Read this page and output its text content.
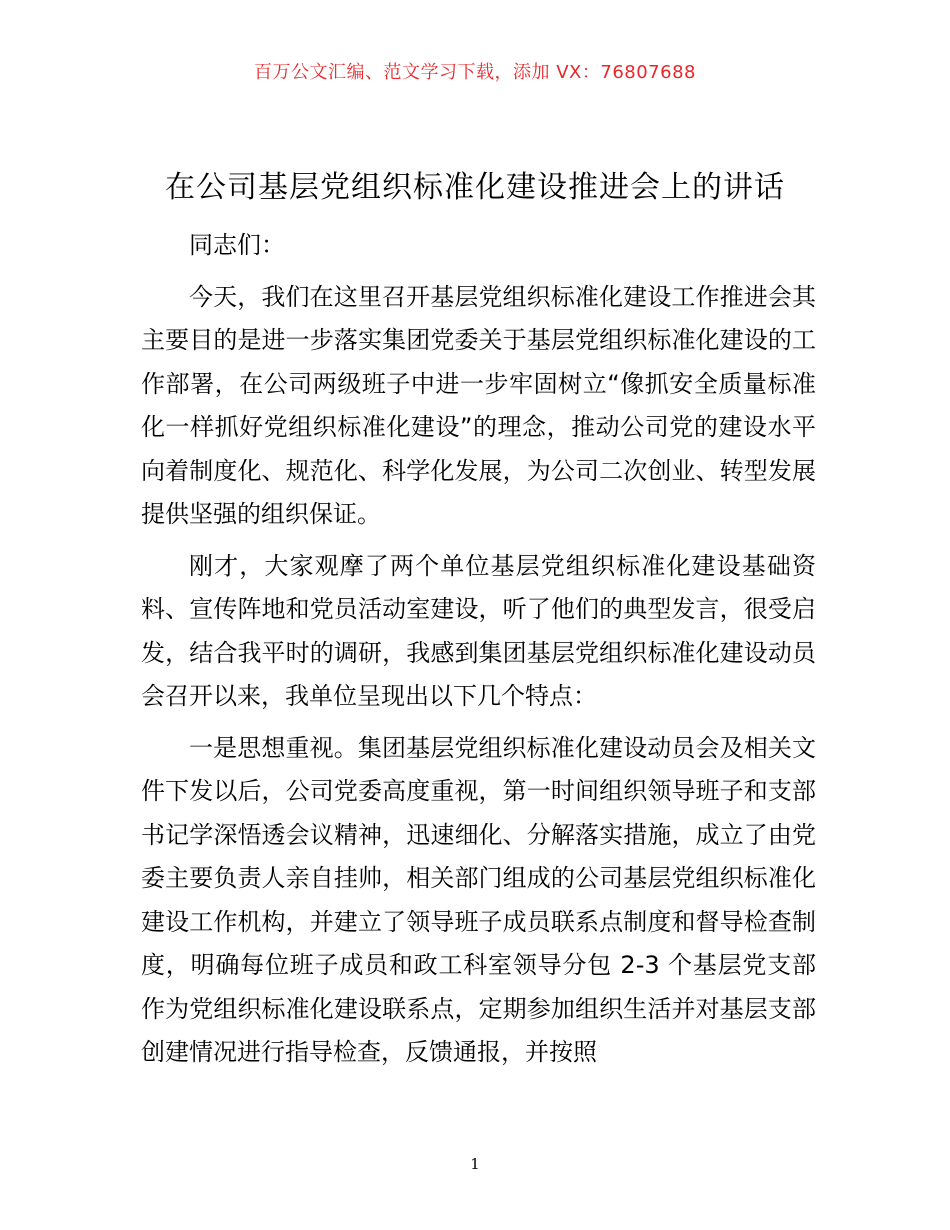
百万公文汇编、范文学习下载，添加 VX：76807688
在公司基层党组织标准化建设推进会上的讲话

同志们：

今天，我们在这里召开基层党组织标准化建设工作推进会其主要目的是进一步落实集团党委关于基层党组织标准化建设的工作部署，在公司两级班子中进一步牢固树立“像抓安全质量标准化一样抓好党组织标准化建设”的理念，推动公司党的建设水平向着制度化、规范化、科学化发展，为公司二次创业、转型发展提供坚强的组织保证。

刚才，大家观摩了两个单位基层党组织标准化建设基础资料、宣传阵地和党员活动室建设，听了他们的典型发言，很受启发，结合我平时的调研，我感到集团基层党组织标准化建设动员会召开以来，我单位呈现出以下几个特点：

一是思想重视。集团基层党组织标准化建设动员会及相关文件下发以后，公司党委高度重视，第一时间组织领导班子和支部书记学深悟透会议精神，迅速细化、分解落实措施，成立了由党委主要负责人亲自挂帅，相关部门组成的公司基层党组织标准化建设工作机构，并建立了领导班子成员联系点制度和督导检查制度，明确每位班子成员和政工科室领导分包 2-3 个基层党支部作为党组织标准化建设联系点，定期参加组织生活并对基层支部创建情况进行指导检查，反馈通报，并按照

1
